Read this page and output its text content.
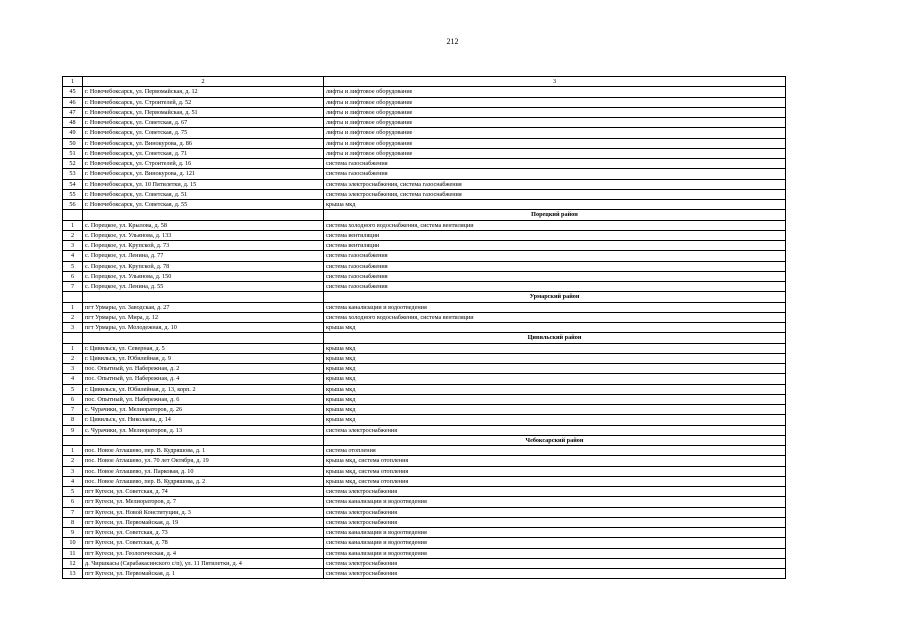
212
1	2	3
45	г. Новочебоксарск, ул. Первомайская, д. 12	лифты и лифтовое оборудование
46	г. Новочебоксарск, ул. Строителей, д. 52	лифты и лифтовое оборудование
47	г. Новочебоксарск, ул. Первомайская, д. 51	лифты и лифтовое оборудование
48	г. Новочебоксарск, ул. Советская, д. 67	лифты и лифтовое оборудование
49	г. Новочебоксарск, ул. Советская, д. 75	лифты и лифтовое оборудование
50	г. Новочебоксарск, ул. Винокурова, д. 86	лифты и лифтовое оборудование
51	г. Новочебоксарск, ул. Советская, д. 71	лифты и лифтовое оборудование
52	г. Новочебоксарск, ул. Строителей, д. 16	система газоснабжения
53	г. Новочебоксарск, ул. Винокурова, д. 121	система газоснабжения
54	г. Новочебоксарск, ул. 10 Пятилетки, д. 15	система электроснабжения, система газоснабжения
55	г. Новочебоксарск, ул. Советская, д. 51	система электроснабжения, система газоснабжения
56	г. Новочебоксарск, ул. Советская, д. 55	крыша мкд
		Порецкий район
1	с. Порецкое, ул. Крылова, д. 58	система холодного водоснабжения, система вентиляции
2	с. Порецкое, ул. Ульянова, д. 133	система вентиляции
3	с. Порецкое, ул. Крупской, д. 73	система вентиляции
4	с. Порецкое, ул. Ленина, д. 77	система газоснабжения
5	с. Порецкое, ул. Крупской, д. 78	система газоснабжения
6	с. Порецкое, ул. Ульянова, д. 150	система газоснабжения
7	с. Порецкое, ул. Ленина, д. 55	система газоснабжения
		Урмарский район
1	пгт Урмары, ул. Заводская, д. 27	система канализации и водоотведения
2	пгт Урмары, ул. Мира, д. 12	система холодного водоснабжения, система вентиляции
3	пгт Урмары, ул. Молодежная, д. 10	крыша мкд
		Цивильский район
1	г. Цивильск, ул. Северная, д. 5	крыша мкд
2	г. Цивильск, ул. Юбилейная, д. 9	крыша мкд
3	пос. Опытный, ул. Набережная, д. 2	крыша мкд
4	пос. Опытный, ул. Набережная, д. 4	крыша мкд
5	г. Цивильск, ул. Юбилейная, д. 13, корп. 2	крыша мкд
6	пос. Опытный, ул. Набережная, д. 6	крыша мкд
7	с. Чурачики, ул. Мелиораторов, д. 26	крыша мкд
8	г. Цивильск, ул. Николаева, д. 14	крыша мкд
9	с. Чурачики, ул. Мелиораторов, д. 13	система электроснабжения
		Чебоксарский район
1	пос. Новое Атлашево, пер. В. Кудряшова, д. 1	система отопления
2	пос. Новое Атлашево, ул. 70 лет Октября, д. 19	крыша мкд, система отопления
3	пос. Новое Атлашево, ул. Парковая, д. 10	крыша мкд, система отопления
4	пос. Новое Атлашево, пер. В. Кудряшова, д. 2	крыша мкд, система отопления
5	пгт Кугеси, ул. Советская, д. 74	система электроснабжения
6	пгт Кугеси, ул. Мелиораторов, д. 7	система канализации и водоотведения
7	пгт Кугеси, ул. Новой Конституции, д. 3	система электроснабжения
8	пгт Кугеси, ул. Первомайская, д. 19	система электроснабжения
9	пгт Кугеси, ул. Советская, д. 73	система канализации и водоотведения
10	пгт Кугеси, ул. Советская, д. 78	система канализации и водоотведения
11	пгт Кугеси, ул. Геологическая, д. 4	система канализации и водоотведения
12	д. Чиршкасы (Сарабакасинского с/п), ул. 11 Пятилетки, д. 4	система электроснабжения
13	пгт Кугеси, ул. Первомайская, д. 1	система электроснабжения
